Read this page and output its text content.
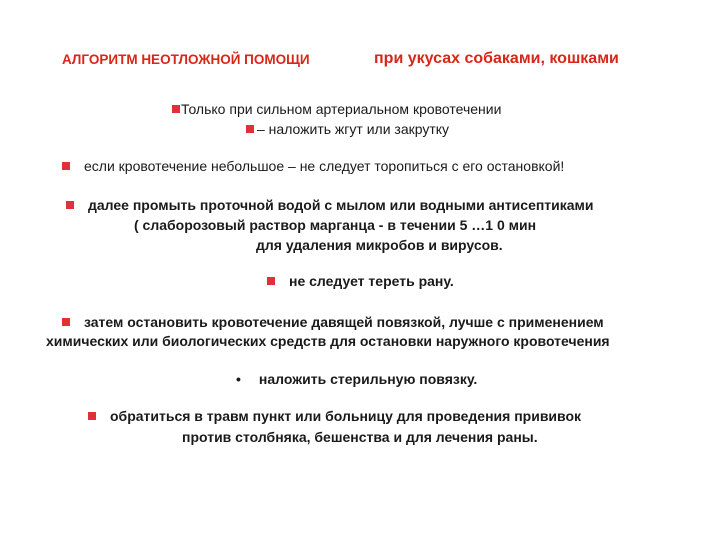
АЛГОРИТМ НЕОТЛОЖНОЙ ПОМОЩИ	при укусах собаками, кошками
Только при сильном артериальном кровотечении
– наложить жгут или закрутку
если кровотечение небольшое – не следует торопиться с его остановкой!
далее промыть проточной водой с мылом или водными антисептиками
( слаборозовый раствор марганца - в течении 5 …1 0 мин
для удаления микробов и вирусов.
не следует тереть рану.
затем остановить кровотечение давящей повязкой, лучше с применением
химических или биологических средств для остановки наружного кровотечения
• наложить стерильную повязку.
обратиться в травм пункт или больницу для проведения прививок
против столбняка, бешенства и для лечения раны.
